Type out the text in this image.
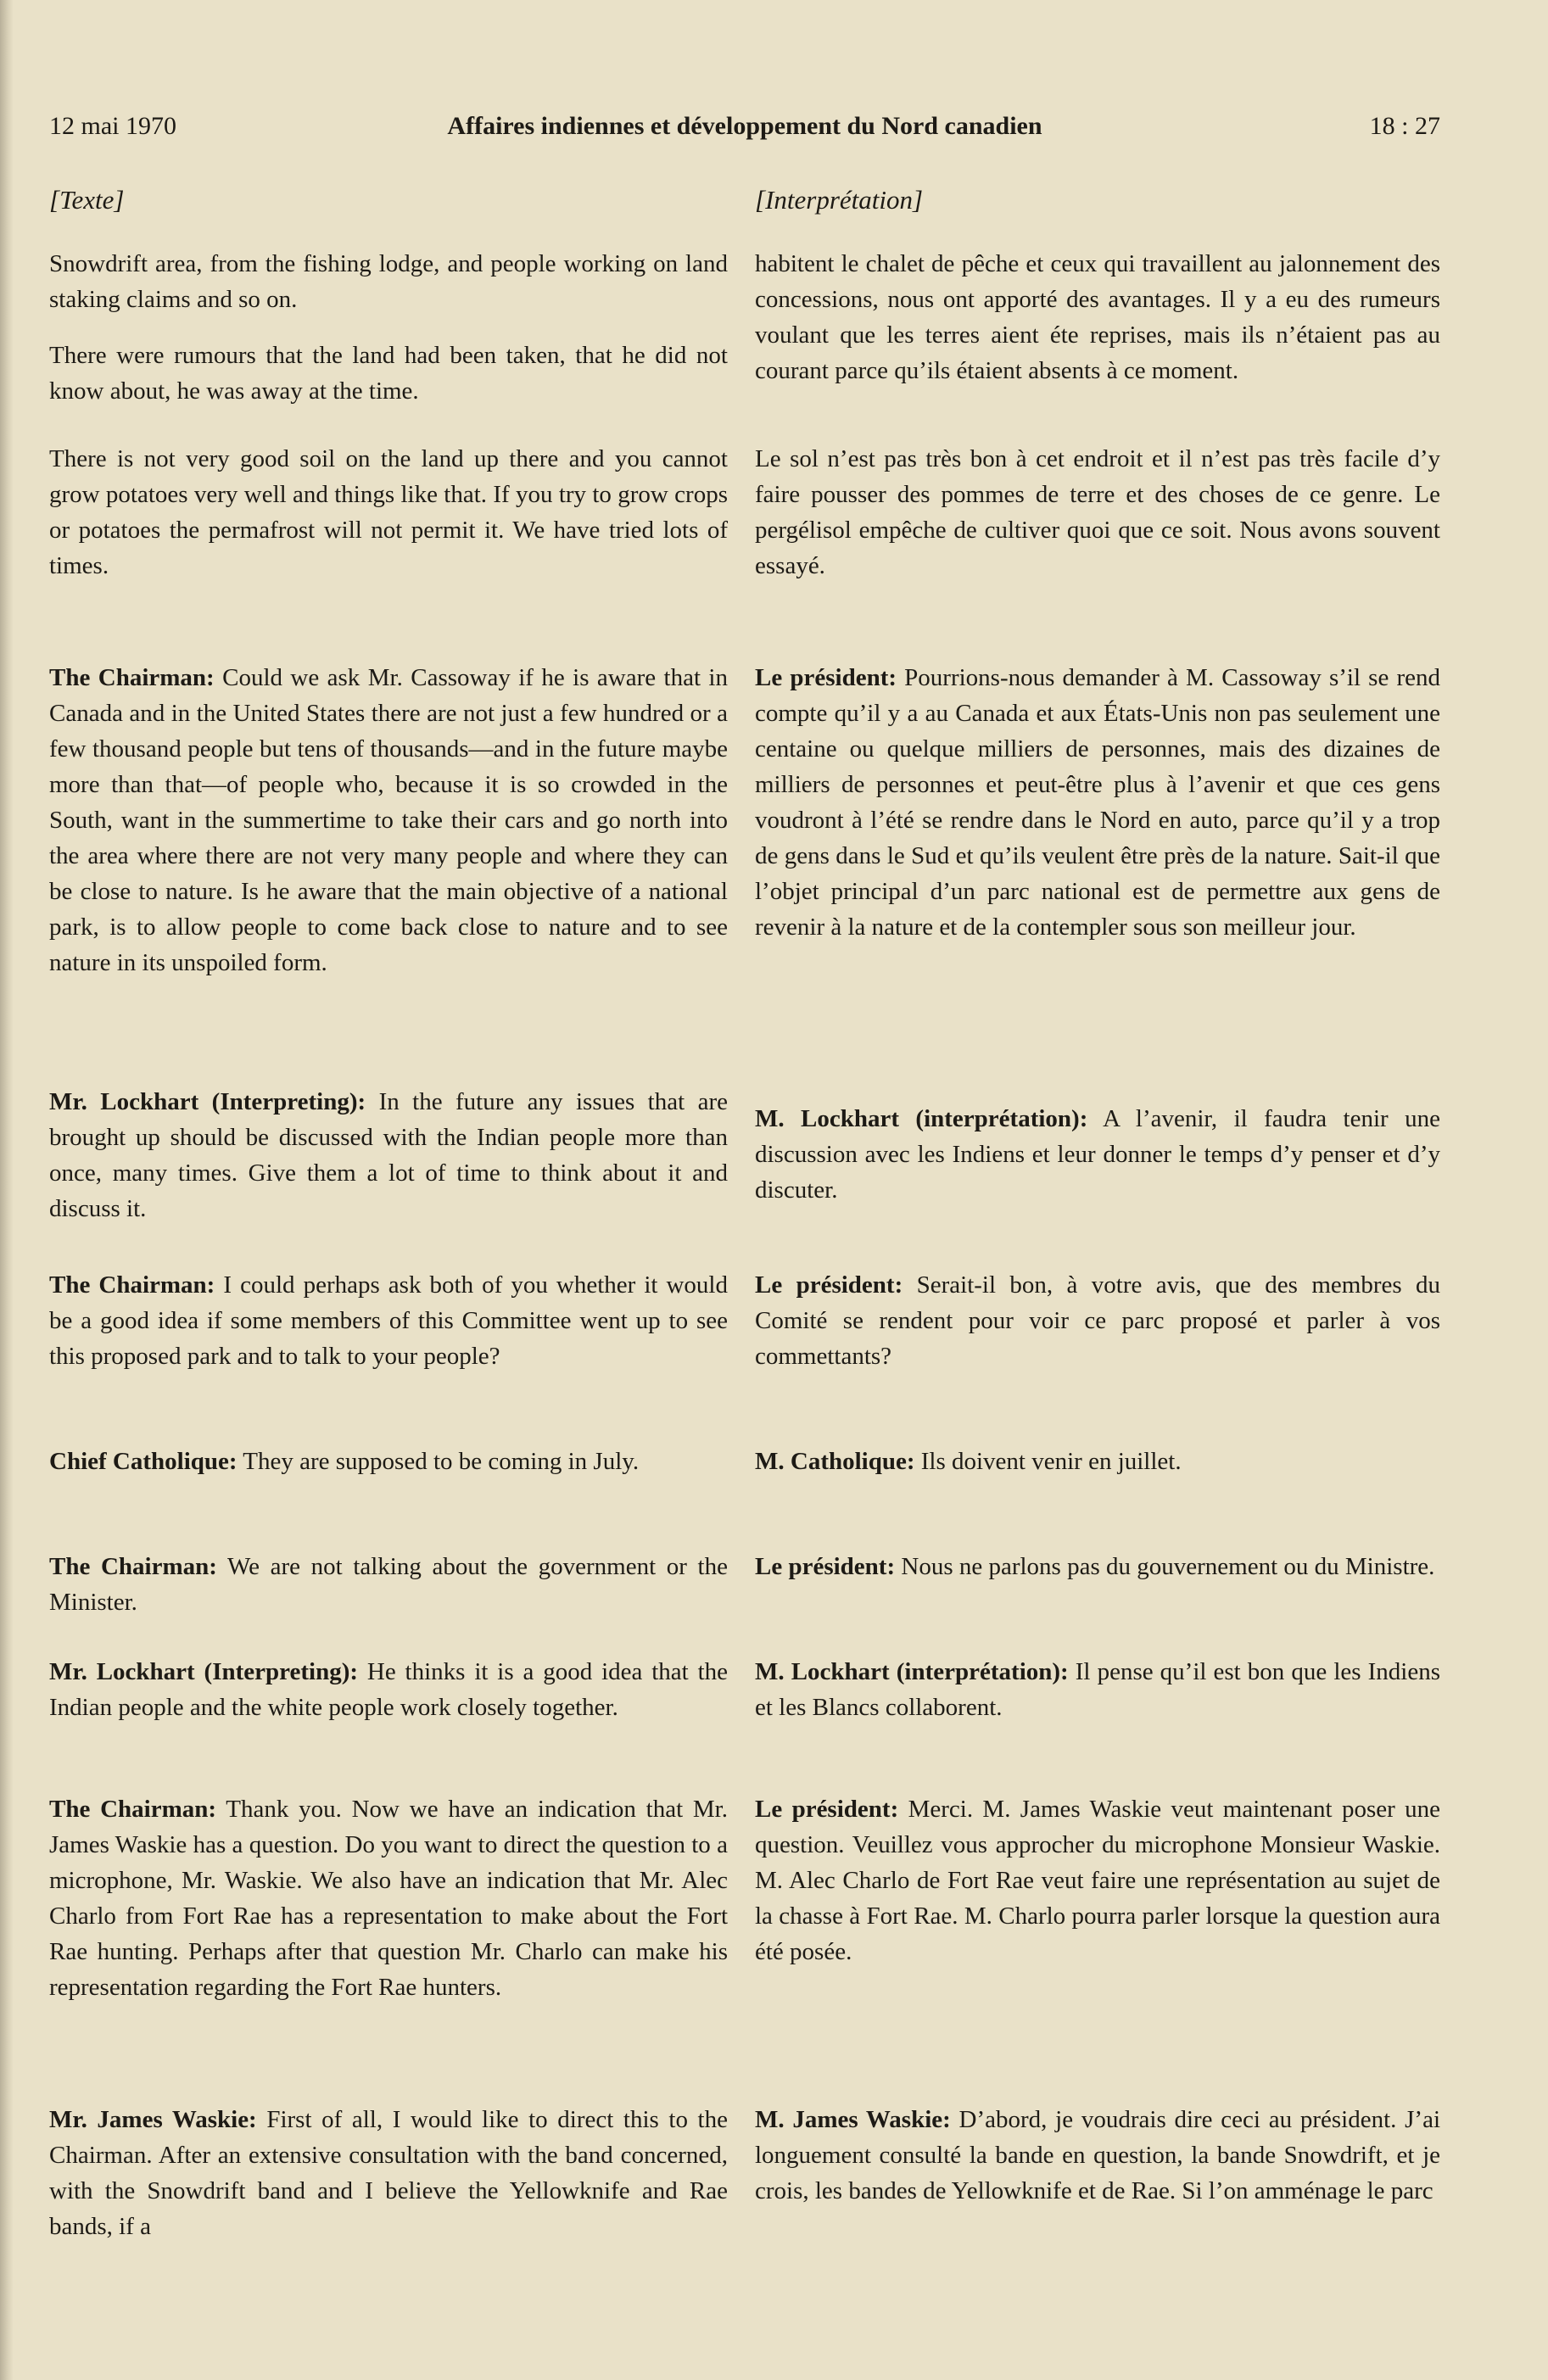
12 mai 1970	Affaires indiennes et développement du Nord canadien	18 : 27
[Texte]

Snowdrift area, from the fishing lodge, and people working on land staking claims and so on.

There were rumours that the land had been taken, that he did not know about, he was away at the time.

There is not very good soil on the land up there and you cannot grow potatoes very well and things like that. If you try to grow crops or potatoes the permafrost will not permit it. We have tried lots of times.

The Chairman: Could we ask Mr. Cassoway if he is aware that in Canada and in the United States there are not just a few hundred or a few thousand people but tens of thousands—and in the future maybe more than that—of people who, because it is so crowded in the South, want in the summertime to take their cars and go north into the area where there are not very many people and where they can be close to nature. Is he aware that the main objective of a national park, is to allow people to come back close to nature and to see nature in its unspoiled form.

Mr. Lockhart (Interpreting): In the future any issues that are brought up should be discussed with the Indian people more than once, many times. Give them a lot of time to think about it and discuss it.

The Chairman: I could perhaps ask both of you whether it would be a good idea if some members of this Committee went up to see this proposed park and to talk to your people?

Chief Catholique: They are supposed to be coming in July.

The Chairman: We are not talking about the government or the Minister.

Mr. Lockhart (Interpreting): He thinks it is a good idea that the Indian people and the white people work closely together.

The Chairman: Thank you. Now we have an indication that Mr. James Waskie has a question. Do you want to direct the question to a microphone, Mr. Waskie. We also have an indication that Mr. Alec Charlo from Fort Rae has a representation to make about the Fort Rae hunting. Perhaps after that question Mr. Charlo can make his representation regarding the Fort Rae hunters.

Mr. James Waskie: First of all, I would like to direct this to the Chairman. After an extensive consultation with the band concerned, with the Snowdrift band and I believe the Yellowknife and Rae bands, if a

[Interprétation]

habitent le chalet de pêche et ceux qui travaillent au jalonnement des concessions, nous ont apporté des avantages. Il y a eu des rumeurs voulant que les terres aient éte reprises, mais ils n’étaient pas au courant parce qu’ils étaient absents à ce moment.

Le sol n’est pas très bon à cet endroit et il n’est pas très facile d’y faire pousser des pommes de terre et des choses de ce genre. Le pergélisol empêche de cultiver quoi que ce soit. Nous avons souvent essayé.

Le président: Pourrions-nous demander à M. Cassoway s’il se rend compte qu’il y a au Canada et aux États-Unis non pas seulement une centaine ou quelque milliers de personnes, mais des dizaines de milliers de personnes et peut-être plus à l’avenir et que ces gens voudront à l’été se rendre dans le Nord en auto, parce qu’il y a trop de gens dans le Sud et qu’ils veulent être près de la nature. Sait-il que l’objet principal d’un parc national est de permettre aux gens de revenir à la nature et de la contempler sous son meilleur jour.

M. Lockhart (interprétation): A l’avenir, il faudra tenir une discussion avec les Indiens et leur donner le temps d’y penser et d’y discuter.

Le président: Serait-il bon, à votre avis, que des membres du Comité se rendent pour voir ce parc proposé et parler à vos commettants?

M. Catholique: Ils doivent venir en juillet.

Le président: Nous ne parlons pas du gouvernement ou du Ministre.

M. Lockhart (interprétation): Il pense qu’il est bon que les Indiens et les Blancs collaborent.

Le président: Merci. M. James Waskie veut maintenant poser une question. Veuillez vous approcher du microphone Monsieur Waskie. M. Alec Charlo de Fort Rae veut faire une représentation au sujet de la chasse à Fort Rae. M. Charlo pourra parler lorsque la question aura été posée.

M. James Waskie: D’abord, je voudrais dire ceci au président. J’ai longuement consulté la bande en question, la bande Snowdrift, et je crois, les bandes de Yellowknife et de Rae. Si l’on amménage le parc
